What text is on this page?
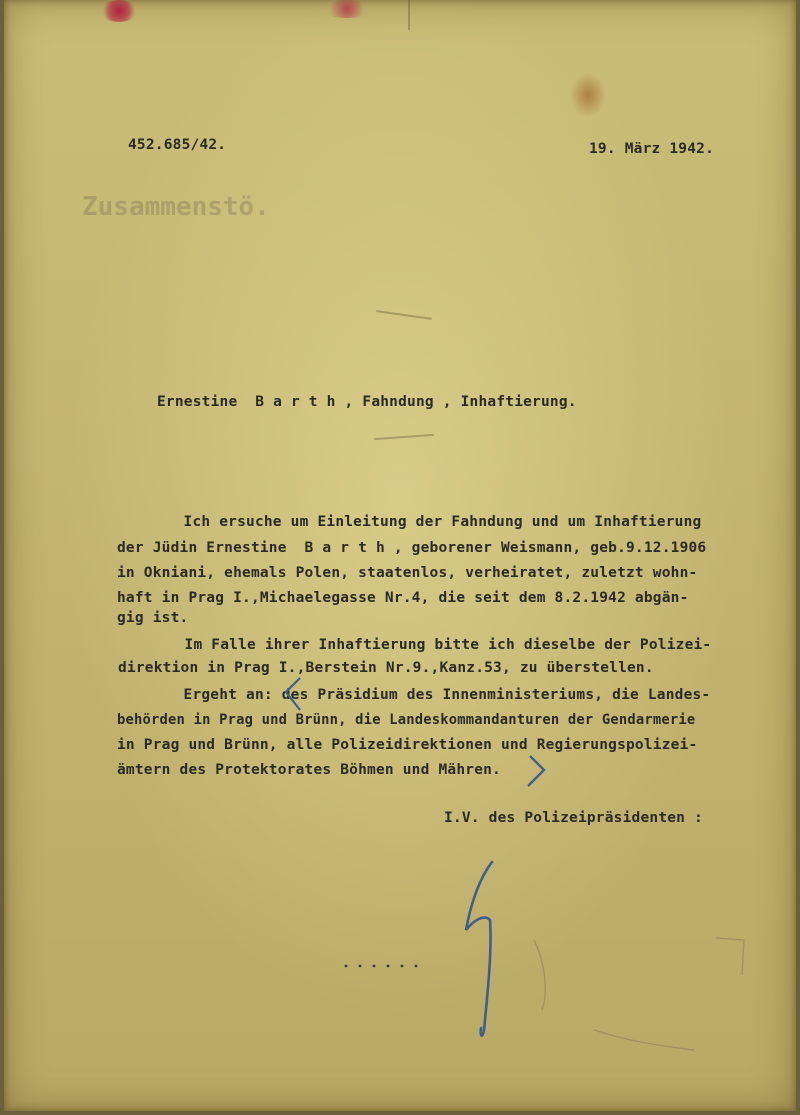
Zusammenstö.
452.685/42.	19. März 1942.
Ernestine  B a r t h , Fahndung , Inhaftierung.
Ich ersuche um Einleitung der Fahndung und um Inhaftierung
der Jüdin Ernestine  B a r t h , geborener Weismann, geb.9.12.1906
in Okniani, ehemals Polen, staatenlos, verheiratet, zuletzt wohn-
haft in Prag I.,Michaelegasse Nr.4, die seit dem 8.2.1942 abgän-
gig ist.
Im Falle ihrer Inhaftierung bitte ich dieselbe der Polizei-
direktion in Prag I.,Berstein Nr.9.,Kanz.53, zu überstellen.
Ergeht an: des Präsidium des Innenministeriums, die Landes-
behörden in Prag und Brünn, die Landeskommandanturen der Gendarmerie
in Prag und Brünn, alle Polizeidirektionen und Regierungspolizei-
ämtern des Protektorates Böhmen und Mähren.
I.V. des Polizeipräsidenten :
